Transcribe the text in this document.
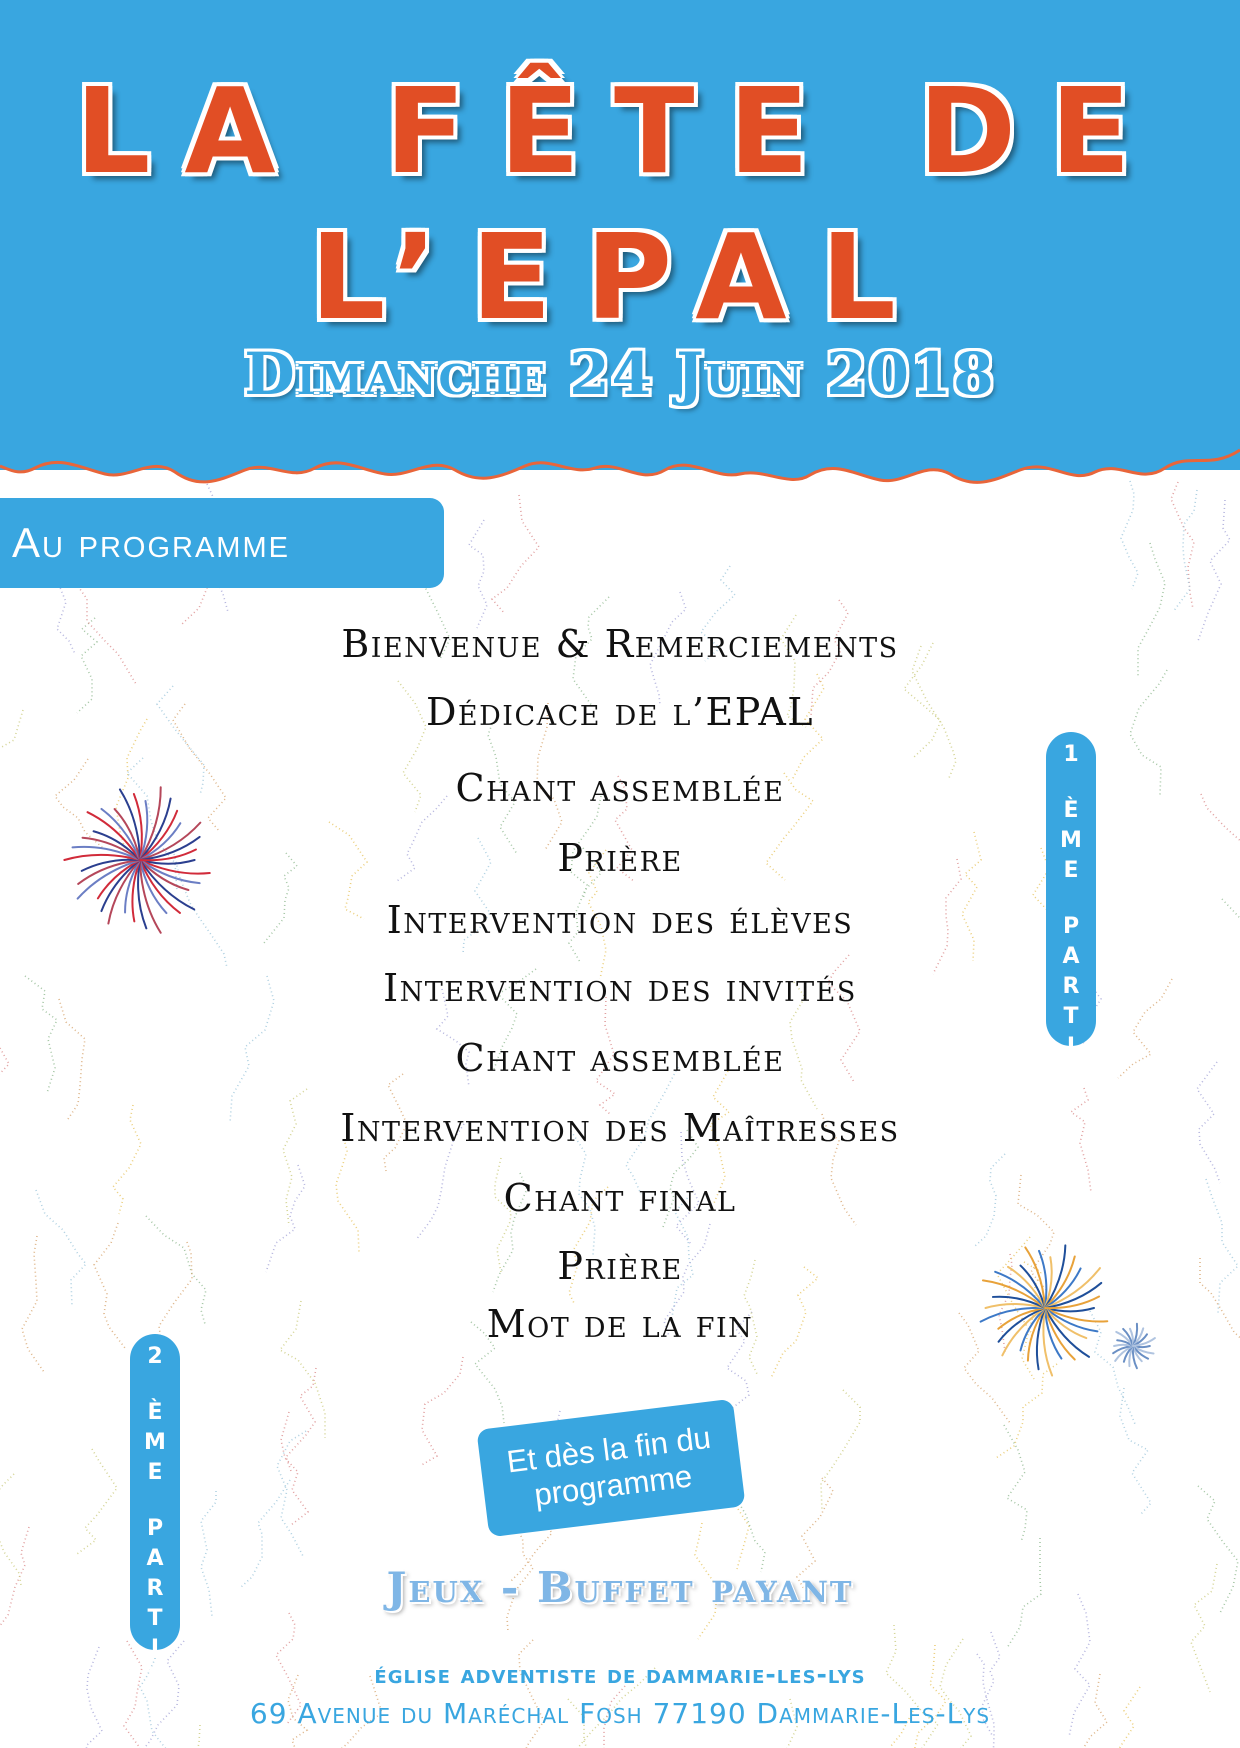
LA FÊTE DE
L’EPAL
Dimanche 24 Juin 2018
Au programme
Bienvenue & Remerciements
Dédicace de l’EPAL
Chant assemblée
Prière
Intervention des élèves
Intervention des invités
Chant assemblée
Intervention des Maîtresses
Chant final
Prière
Mot de la fin
1
È
M
E
P
A
R
T
I
E
2
È
M
E
P
A
R
T
I
E
Et dès la fin du programme
Jeux - Buffet payant
église adventiste de dammarie-les-lys
69 Avenue du Maréchal Fosh 77190 Dammarie-Les-Lys
